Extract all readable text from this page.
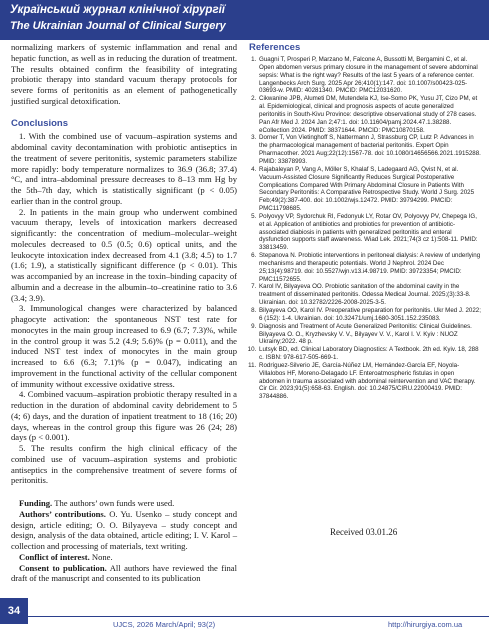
Український журнал клінічної хірургії
The Ukrainian Journal of Clinical Surgery

normalizing markers of systemic inflammation and renal and hepatic function, as well as in reducing the duration of treatment. The results obtained confirm the feasibility of integrating probiotic therapy into standard vacuum therapy protocols for severe forms of peritonitis as an element of pathogenetically justified surgical detoxification.

Conclusions

1. With the combined use of vacuum–aspiration systems and abdominal cavity decontamination with probiotic antiseptics in the treatment of severe peritonitis, systemic parameters stabilize more rapidly: body temperature normalizes to 36.9 (36.8; 37.4) °C, and intra–abdominal pressure decreases to 8–13 mm Hg by the 5th–7th day, which is statistically significant (p < 0.05) earlier than in the control group.

2. In patients in the main group who underwent combined vacuum therapy, levels of intoxication markers decreased significantly: the concentration of medium–molecular–weight molecules decreased to 0.5 (0.5; 0.6) optical units, and the leukocyte intoxication index decreased from 4.1 (3.8; 4.5) to 1.7 (1.6; 1.9), a statistically significant difference (p < 0.01). This was accompanied by an increase in the toxin–binding capacity of albumin and a decrease in the albumin–to–creatinine ratio to 3.6 (3.4; 3.9).

3. Immunological changes were characterized by balanced phagocyte activation: the spontaneous NST test rate for monocytes in the main group increased to 6.9 (6.7; 7.3)%, while in the control group it was 5.2 (4.9; 5.6)% (p = 0.011), and the induced NST test index of monocytes in the main group increased to 6.6 (6.3; 7.1)% (p = 0.047), indicating an improvement in the functional activity of the cellular component of immunity without excessive oxidative stress.

4. Combined vacuum–aspiration probiotic therapy resulted in a reduction in the duration of abdominal cavity debridement to 5 (4; 6) days, and the duration of inpatient treatment to 18 (16; 20) days, whereas in the control group this figure was 26 (24; 28) days (p < 0.001).

5. The results confirm the high clinical efficacy of the combined use of vacuum–aspiration systems and probiotic antiseptics in the comprehensive treatment of severe forms of peritonitis.

Funding. The authors’ own funds were used.

Authors’ contributions. O. Yu. Usenko – study concept and design, article editing; O. O. Bilyayeva – study concept and design, analysis of the data obtained, article editing; I. V. Karol – collection and processing of materials, text writing.

Conflict of interest. None.

Consent to publication. All authors have reviewed the final draft of the manuscript and consented to its publication

References
1. Guagni T, Prosperi P, Marzano M, Falcone A, Bussotti M, Bergamini C, et al. Open abdomen versus primary closure in the management of severe abdominal sepsis: What is the right way? Results of the last 5 years of a reference center. Langenbecks Arch Surg. 2025 Apr 26;410(1):147. doi: 10.1007/s00423-025-03693-w. PMID: 40281340. PMCID: PMC12031620.
2. Cikwanine JPB, Alumeti DM, Mutendela KJ, Ise-Somo PK, Yusu JT, Cizo PM, et al. Epidemiological, clinical and prognosis aspects of acute generalized peritonitis in South-Kivu Province: descriptive observational study of 278 cases. Pan Afr Med J. 2024 Jan 2;47:1. doi: 10.11604/pamj.2024.47.1.38288. eCollection 2024. PMID: 38371644. PMCID: PMC10870158.
3. Dorner T, Von Vietinghoff S, Nattermann J, Strassburg CP, Lutz P. Advances in the pharmacological management of bacterial peritonitis. Expert Opin Pharmacother. 2021 Aug;22(12):1567-78. doi: 10.1080/14656566.2021.1915288. PMID: 33878993.
4. Rajabaleyan P, Vang A, Möller S, Khalaf S, Ladegaard AG, Qvist N, et al. Vacuum-Assisted Closure Significantly Reduces Surgical Postoperative Complications Compared With Primary Abdominal Closure in Patients With Secondary Peritonitis: A Comparative Retrospective Study. World J Surg. 2025 Feb;49(2):387-400. doi: 10.1002/wjs.12472. PMID: 39794299. PMCID: PMC11798685.
5. Polyovyy VP, Sydorchuk RI, Fedonyuk LY, Rotar OV, Polyovyy PV, Chepega IG, et al. Application of antibiotics and probiotics for prevention of antibiotic-associated diabiosis in patients with generalized peritonitis and enteral dysfunction supports staff awareness. Wiad Lek. 2021;74(3 cz 1):508-11. PMID: 33813459.
6. Stepanova N. Probiotic interventions in peritoneal dialysis: A review of underlying mechanisms and therapeutic potentials. World J Nephrol. 2024 Dec 25;13(4):98719. doi: 10.5527/wjn.v13.i4.98719. PMID: 39723354; PMCID: PMC11572655.
7. Karol IV, Bilyayeva OO. Probiotic sanitation of the abdominal cavity in the treatment of disseminated peritonitis. Odessa Medical Journal. 2025;(3):33-8. Ukrainian. doi: 10.32782/2226-2008-2025-3-5.
8. Bilyayeva OO, Karol IV. Preoperative preparation for peritonitis. Ukr Med J. 2022; 6 (152): 1-4. Ukrainian. doi: 10.32471/umj.1680-3051.152.235083.
9. Diagnosis and Treatment of Acute Generalized Peritonitis: Clinical Guidelines. Bilyayeva O. O., Kryzhevsky V. V., Bilyayev V. V., Karol I. V. Kyiv : NUOZ Ukrainy;2022. 48 p.
10. Lutsyk BD, ed. Clinical Laboratory Diagnostics: A Textbook. 2th ed. Kyiv. 18, 288 c. ISBN: 978-617-505-669-1.
11. Rodríguez-Silverio JE, García-Núñez LM, Hernández-García EF, Noyola-Villalobos HF, Moreno-Delagado LF. Enteroatmospheric fistulas in open abdomen in trauma associated with abdominal reintervention and VAC therapy. Cir Cir. 2023;91(5):658-63. English. doi: 10.24875/CIRU.22000419. PMID: 37844886.
Received 03.01.26
34
UJCS, 2026 March/April; 93(2)	http://hirurgiya.com.ua
